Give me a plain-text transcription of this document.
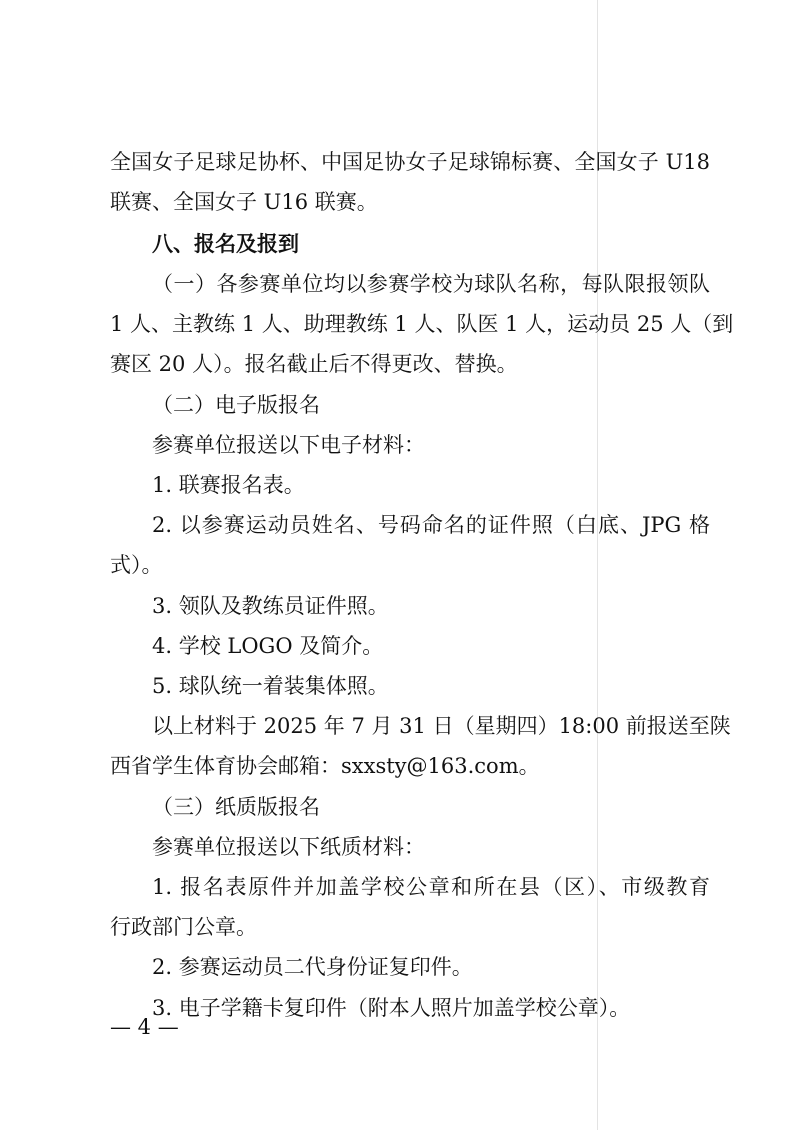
全国女子足球足协杯、中国足协女子足球锦标赛、全国女子 U18
联赛、全国女子 U16 联赛。
八、报名及报到
（一）各参赛单位均以参赛学校为球队名称，每队限报领队
1 人、主教练 1 人、助理教练 1 人、队医 1 人，运动员 25 人（到
赛区 20 人）。报名截止后不得更改、替换。
（二）电子版报名
参赛单位报送以下电子材料：
1. 联赛报名表。
2. 以参赛运动员姓名、号码命名的证件照（白底、JPG 格
式）。
3. 领队及教练员证件照。
4. 学校 LOGO 及简介。
5. 球队统一着装集体照。
以上材料于 2025 年 7 月 31 日（星期四）18:00 前报送至陕
西省学生体育协会邮箱：sxxsty@163.com。
（三）纸质版报名
参赛单位报送以下纸质材料：
1. 报名表原件并加盖学校公章和所在县（区）、市级教育
行政部门公章。
2. 参赛运动员二代身份证复印件。
3. 电子学籍卡复印件（附本人照片加盖学校公章）。
— 4 —
